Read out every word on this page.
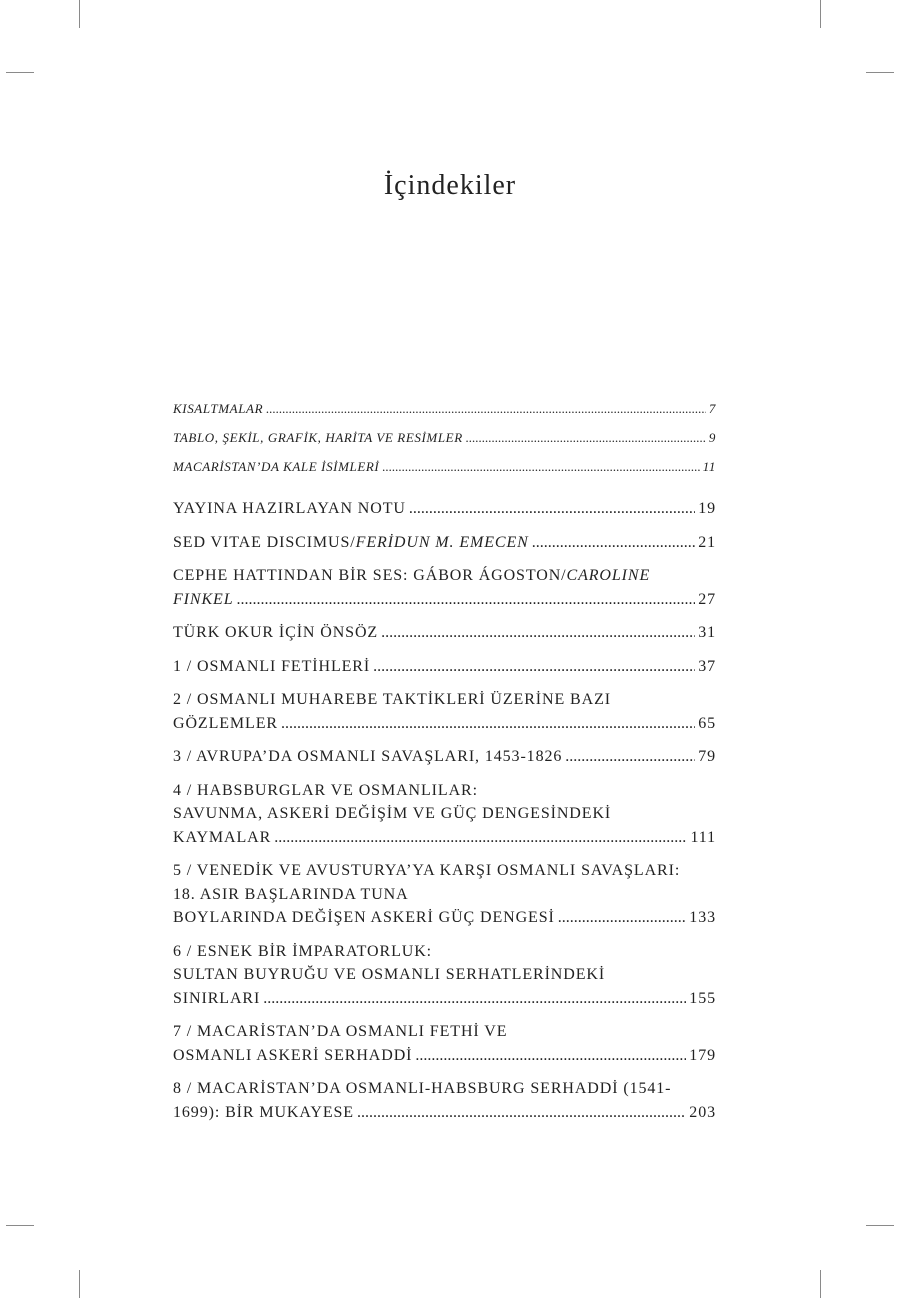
İçindekiler
KISALTMALAR .....	7
TABLO, ŞEKİL, GRAFİK, HARİTA VE RESİMLER .....	9
MACARİSTAN’DA KALE İSİMLERİ .....	11
YAYINA HAZIRLAYAN NOTU .....	19
SED VITAE DISCIMUS/FERİDUN M. EMECEN .....	21
CEPHE HATTINDAN BİR SES: GÁBOR ÁGOSTON/CAROLINE
FINKEL .....	27
TÜRK OKUR İÇİN ÖNSÖZ .....	31
1 / OSMANLI FETİHLERİ .....	37
2 / OSMANLI MUHAREBE TAKTİKLERİ ÜZERİNE BAZI
GÖZLEMLER .....	65
3 / AVRUPA’DA OSMANLI SAVAŞLARI, 1453-1826 .....	79
4 / HABSBURGLAR VE OSMANLILAR:
SAVUNMA, ASKERİ DEĞİŞİM VE GÜÇ DENGESİNDEKİ
KAYMALAR .....	111
5 / VENEDİK VE AVUSTURYA’YA KARŞI OSMANLI SAVAŞLARI:
18. ASIR BAŞLARINDA TUNA
BOYLARINDA DEĞİŞEN ASKERİ GÜÇ DENGESİ .....	133
6 / ESNEK BİR İMPARATORLUK:
SULTAN BUYRUĞU VE OSMANLI SERHATLERİNDEKİ
SINIRLARI .....	155
7 / MACARİSTAN’DA OSMANLI FETHİ VE
OSMANLI ASKERİ SERHADDİ .....	179
8 / MACARİSTAN’DA OSMANLI-HABSBURG SERHADDİ (1541-
1699): BİR MUKAYESE .....	203
